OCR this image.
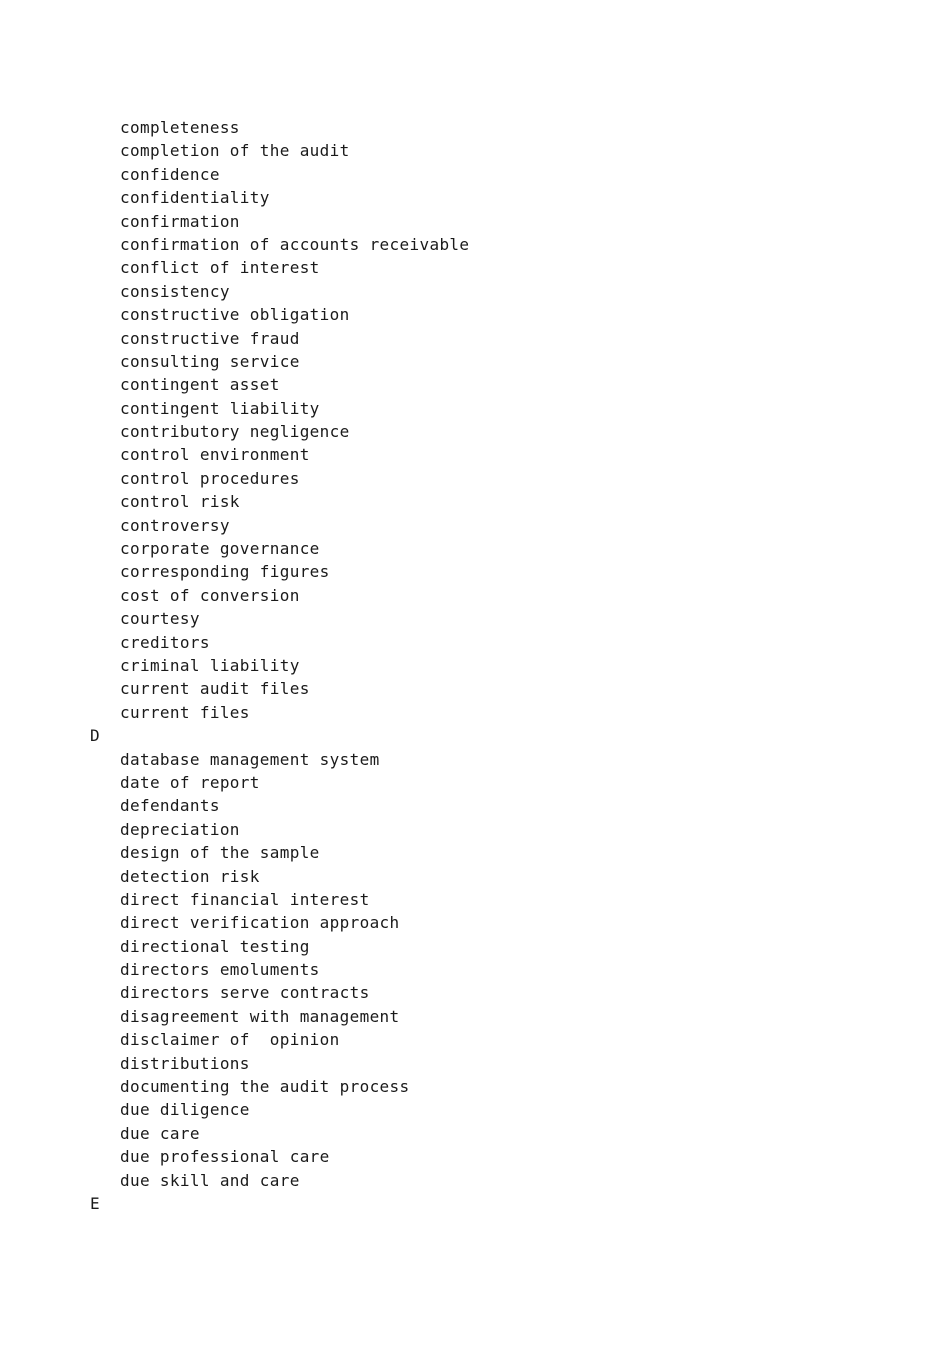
completeness
completion of the audit
confidence
confidentiality
confirmation
confirmation of accounts receivable
conflict of interest
consistency
constructive obligation
constructive fraud
consulting service
contingent asset
contingent liability
contributory negligence
control environment
control procedures
control risk
controversy
corporate governance
corresponding figures
cost of conversion
courtesy
creditors
criminal liability
current audit files
current files
D
database management system
date of report
defendants
depreciation
design of the sample
detection risk
direct financial interest
direct verification approach
directional testing
directors emoluments
directors serve contracts
disagreement with management
disclaimer of  opinion
distributions
documenting the audit process
due diligence
due care
due professional care
due skill and care
E
